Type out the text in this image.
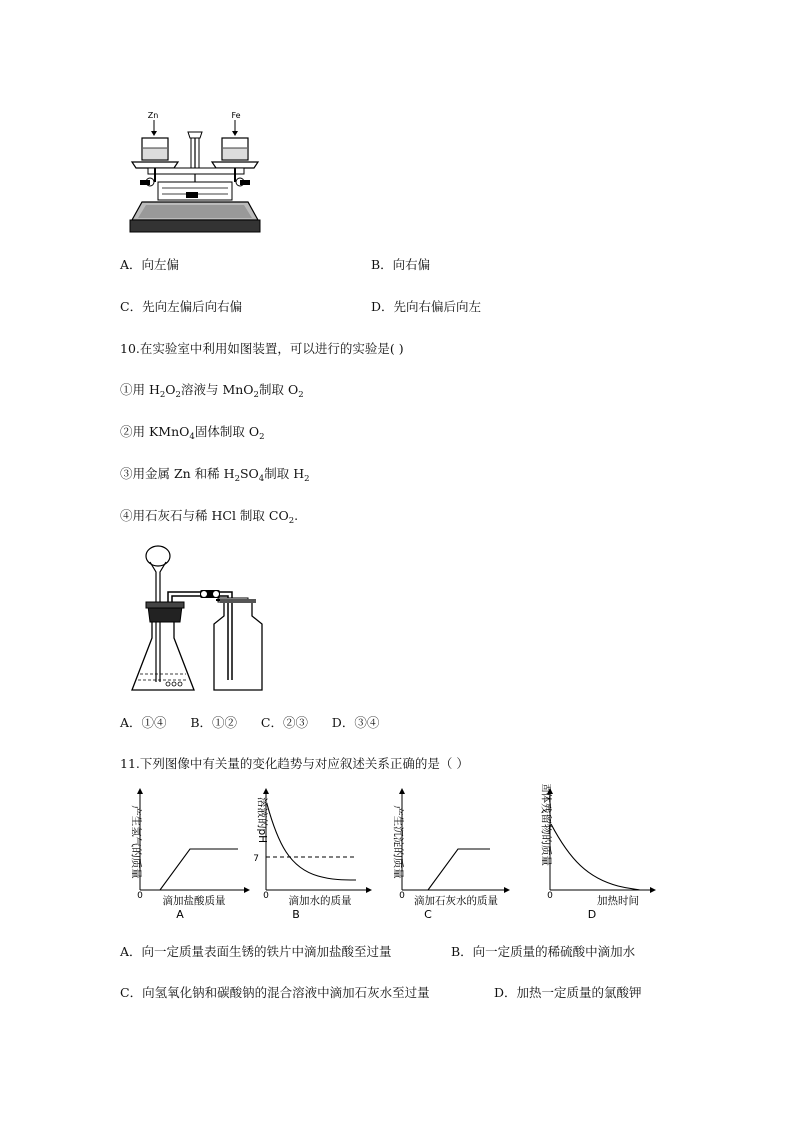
Zn	Fe
A．向左偏	B．向右偏
C．先向左偏后向右偏	D．先向右偏后向左
10.在实验室中利用如图装置，可以进行的实验是( )
①用 $H_2O_2$溶液与 MnO$_2$制取 $O_2$
②用 KMnO$_4$固体制取 $O_2$
③用金属 Zn 和稀 $H_2SO_4$制取 $H_2$
④用石灰石与稀 HCl 制取 $CO_2$.
A．①④      B．①②      C．②③      D．③④
11.下列图像中有关量的变化趋势与对应叙述关系正确的是（ ）
产生氢气的质量
0 滴加盐酸质量
A
7
溶液的pH
0 滴加水的质量
B
产生沉淀的质量
0 滴加石灰水的质量
C
固体残留物的质量
0	加热时间
D
A．向一定质量表面生锈的铁片中滴加盐酸至过量	B．向一定质量的稀硫酸中滴加水
C．向氢氧化钠和碳酸钠的混合溶液中滴加石灰水至过量	D．加热一定质量的氯酸钾
